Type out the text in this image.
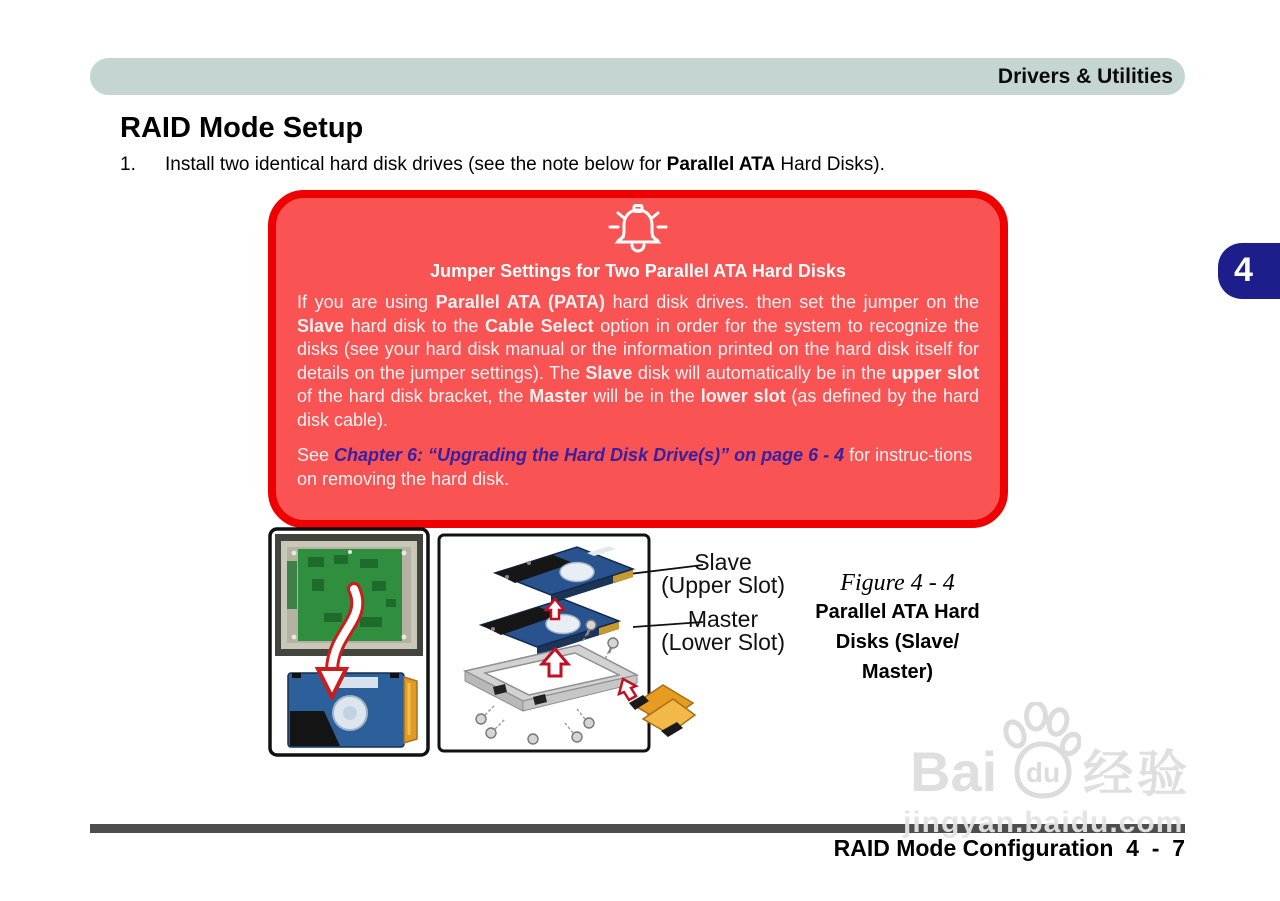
Drivers & Utilities
4
RAID Mode Setup
1.	Install two identical hard disk drives (see the note below for Parallel ATA Hard Disks).
Jumper Settings for Two Parallel ATA Hard Disks

If you are using Parallel ATA (PATA) hard disk drives. then set the jumper on the Slave hard disk to the Cable Select option in order for the system to recognize the disks (see your hard disk manual or the information printed on the hard disk itself for details on the jumper settings). The Slave disk will automatically be in the upper slot of the hard disk bracket, the Master will be in the lower slot (as defined by the hard disk cable).

See Chapter 6: “Upgrading the Hard Disk Drive(s)” on page 6 - 4 for instruc-tions on removing the hard disk.

Slave
(Upper Slot)
Master
(Lower Slot)
Figure 4 - 4
Parallel ATA Hard
Disks (Slave/
Master)
Bai du 经验
jingyan.baidu.com
RAID Mode Configuration  4  -  7
